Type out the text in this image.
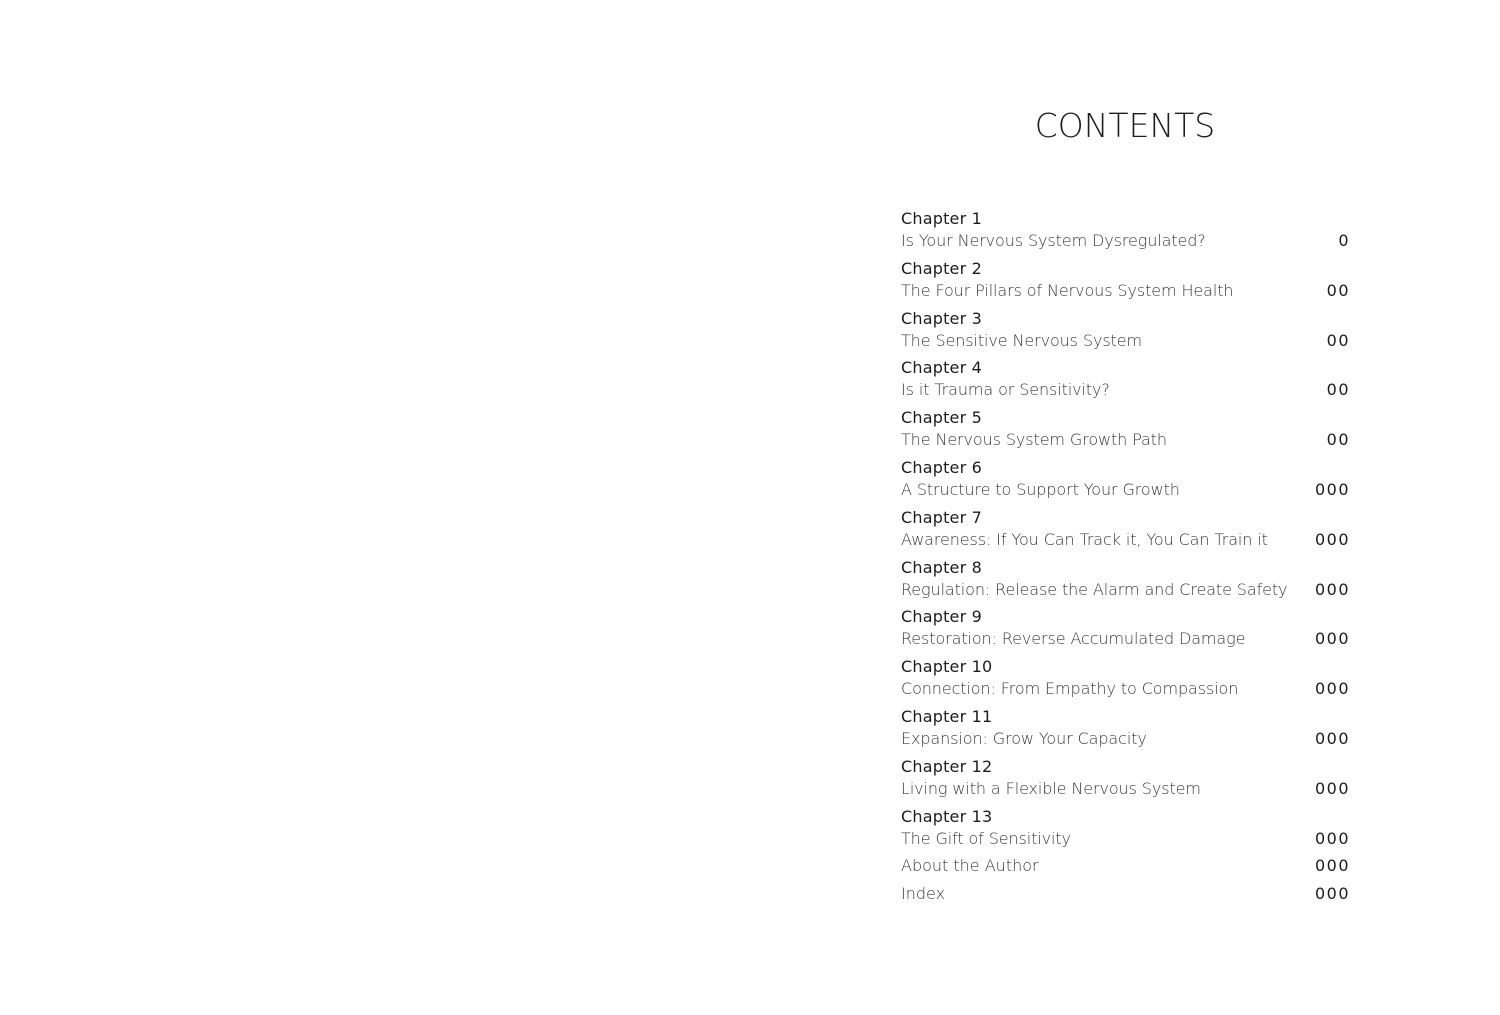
CONTENTS
Chapter 1
Is Your Nervous System Dysregulated?	0
Chapter 2
The Four Pillars of Nervous System Health	00
Chapter 3
The Sensitive Nervous System	00
Chapter 4
Is it Trauma or Sensitivity?	00
Chapter 5
The Nervous System Growth Path	00
Chapter 6
A Structure to Support Your Growth	000
Chapter 7
Awareness: If You Can Track it, You Can Train it	000
Chapter 8
Regulation: Release the Alarm and Create Safety 000
Chapter 9
Restoration: Reverse Accumulated Damage	000
Chapter 10
Connection: From Empathy to Compassion	000
Chapter 11
Expansion: Grow Your Capacity	000
Chapter 12
Living with a Flexible Nervous System	000
Chapter 13
The Gift of Sensitivity	000
About the Author	000
Index	000
